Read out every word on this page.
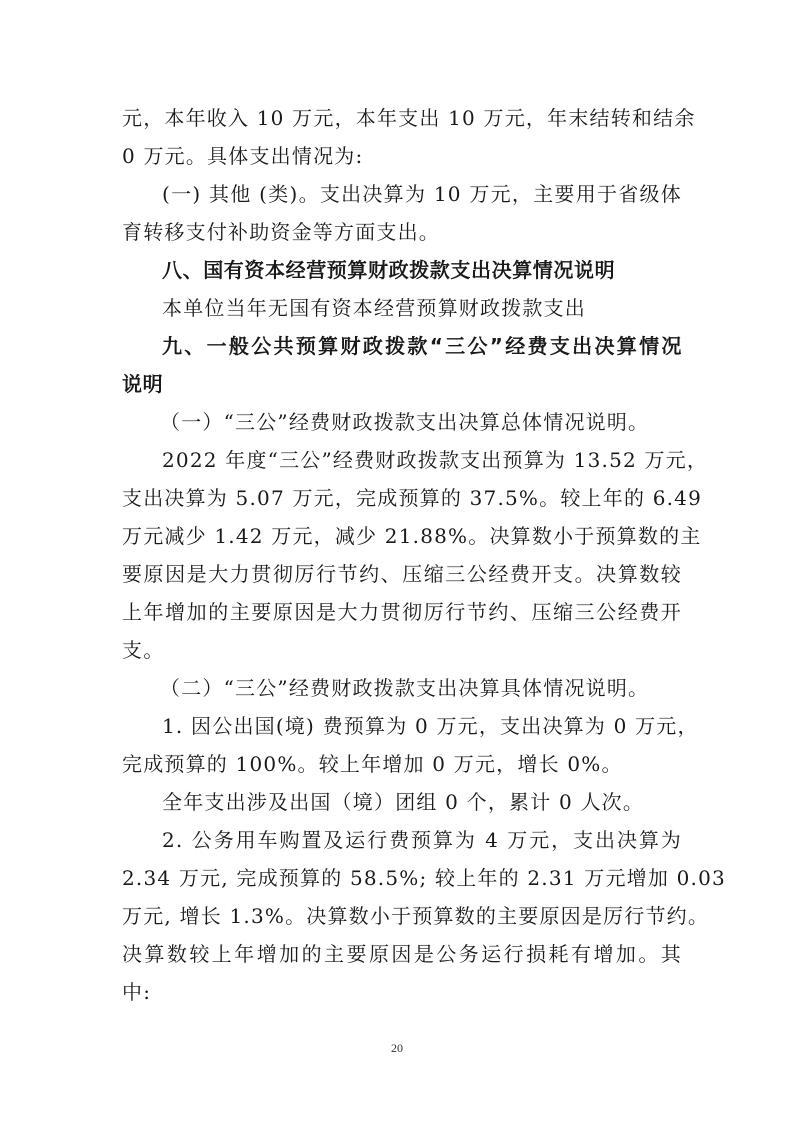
元，本年收入 10 万元，本年支出 10 万元，年末结转和结余
0 万元。具体支出情况为:
(一) 其他 (类)。支出决算为 10 万元，主要用于省级体
育转移支付补助资金等方面支出。
八、国有资本经营预算财政拨款支出决算情况说明
本单位当年无国有资本经营预算财政拨款支出
九、一般公共预算财政拨款“三公”经费支出决算情况
说明
（一）“三公”经费财政拨款支出决算总体情况说明。
2022 年度“三公”经费财政拨款支出预算为 13.52 万元，
支出决算为 5.07 万元，完成预算的 37.5%。较上年的 6.49
万元减少 1.42 万元，减少 21.88%。决算数小于预算数的主
要原因是大力贯彻厉行节约、压缩三公经费开支。决算数较
上年增加的主要原因是大力贯彻厉行节约、压缩三公经费开
支。
（二）“三公”经费财政拨款支出决算具体情况说明。
1. 因公出国(境) 费预算为 0 万元，支出决算为 0 万元，
完成预算的 100%。较上年增加 0 万元，增长 0%。
全年支出涉及出国（境）团组 0 个，累计 0 人次。
2. 公务用车购置及运行费预算为 4 万元，支出决算为
2.34 万元, 完成预算的 58.5%; 较上年的 2.31 万元增加 0.03
万元, 增长 1.3%。决算数小于预算数的主要原因是厉行节约。
决算数较上年增加的主要原因是公务运行损耗有增加。其
中:
20
